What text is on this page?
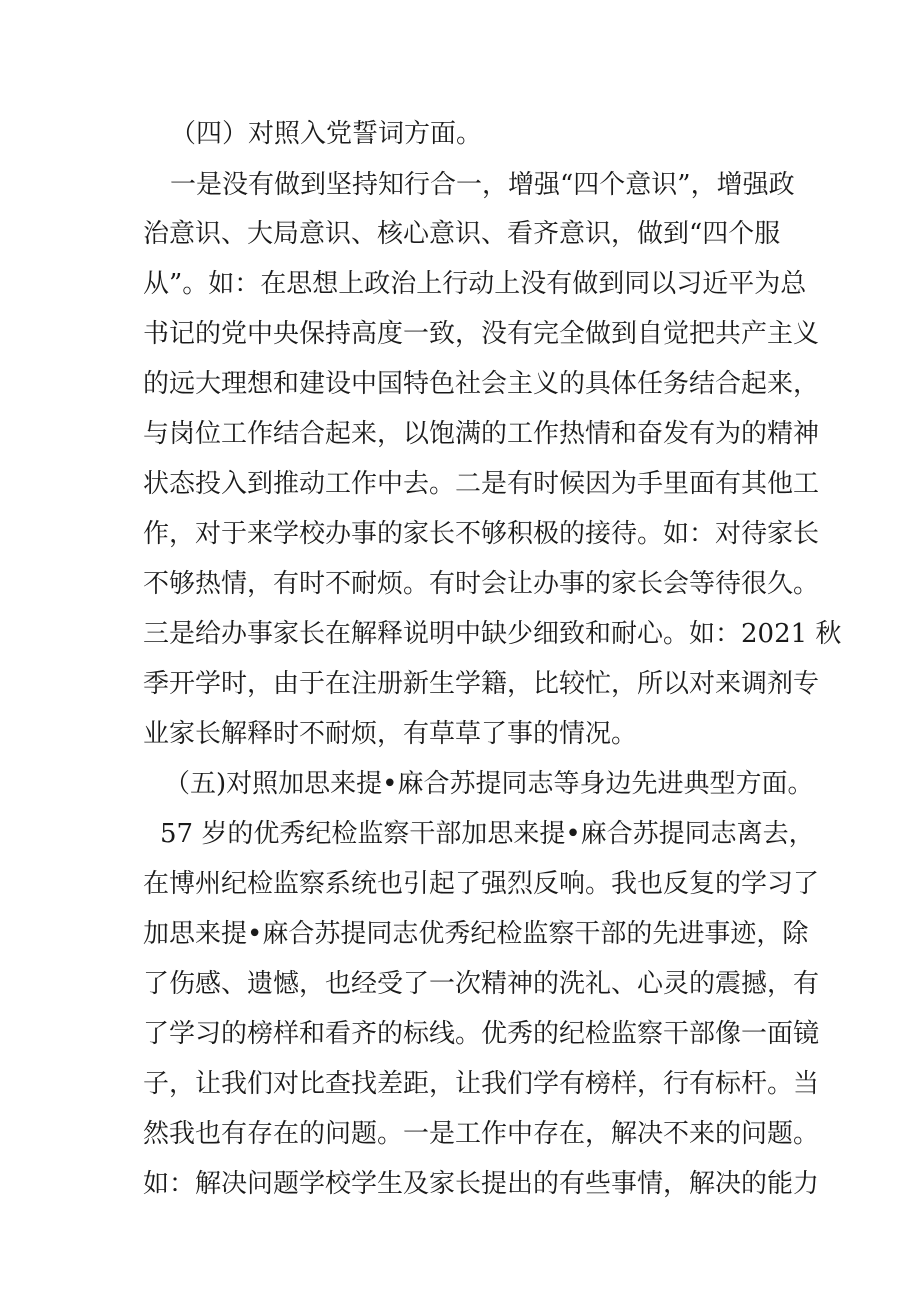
（四）对照入党誓词方面。
一是没有做到坚持知行合一，增强“四个意识”，增强政
治意识、大局意识、核心意识、看齐意识，做到“四个服
从”。如：在思想上政治上行动上没有做到同以习近平为总
书记的党中央保持高度一致，没有完全做到自觉把共产主义
的远大理想和建设中国特色社会主义的具体任务结合起来，
与岗位工作结合起来，以饱满的工作热情和奋发有为的精神
状态投入到推动工作中去。二是有时候因为手里面有其他工
作，对于来学校办事的家长不够积极的接待。如：对待家长
不够热情，有时不耐烦。有时会让办事的家长会等待很久。
三是给办事家长在解释说明中缺少细致和耐心。如：2021 秋
季开学时，由于在注册新生学籍，比较忙，所以对来调剂专
业家长解释时不耐烦，有草草了事的情况。
（五)对照加思来提•麻合苏提同志等身边先进典型方面。
57 岁的优秀纪检监察干部加思来提•麻合苏提同志离去，
在博州纪检监察系统也引起了强烈反响。我也反复的学习了
加思来提•麻合苏提同志优秀纪检监察干部的先进事迹，除
了伤感、遗憾，也经受了一次精神的洗礼、心灵的震撼，有
了学习的榜样和看齐的标线。优秀的纪检监察干部像一面镜
子，让我们对比查找差距，让我们学有榜样，行有标杆。当
然我也有存在的问题。一是工作中存在，解决不来的问题。
如：解决问题学校学生及家长提出的有些事情，解决的能力
